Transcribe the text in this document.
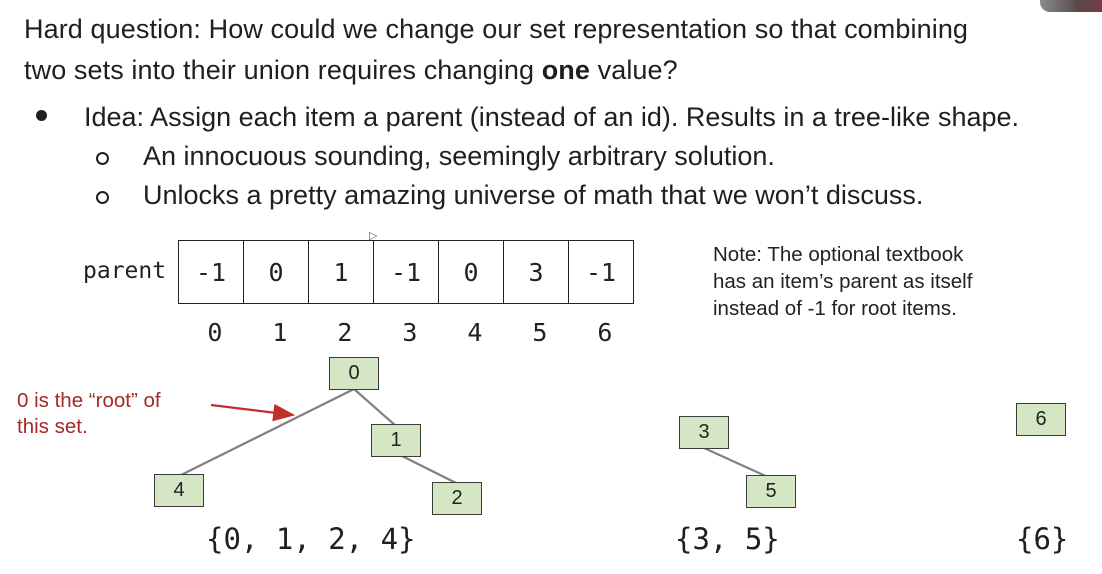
Hard question: How could we change our set representation so that combining
two sets into their union requires changing one value?
Idea: Assign each item a parent (instead of an id). Results in a tree-like shape.
An innocuous sounding, seemingly arbitrary solution.
Unlocks a pretty amazing universe of math that we won’t discuss.
▷
parent -1	0	1	-1	0	3	-1
0	1	2	3	4	5	6
Note: The optional textbook
has an item’s parent as itself
instead of -1 for root items.
0 is the “root” of
this set.
0
1
2
4
3
5
6
{0, 1, 2, 4}	{3, 5}	{6}
